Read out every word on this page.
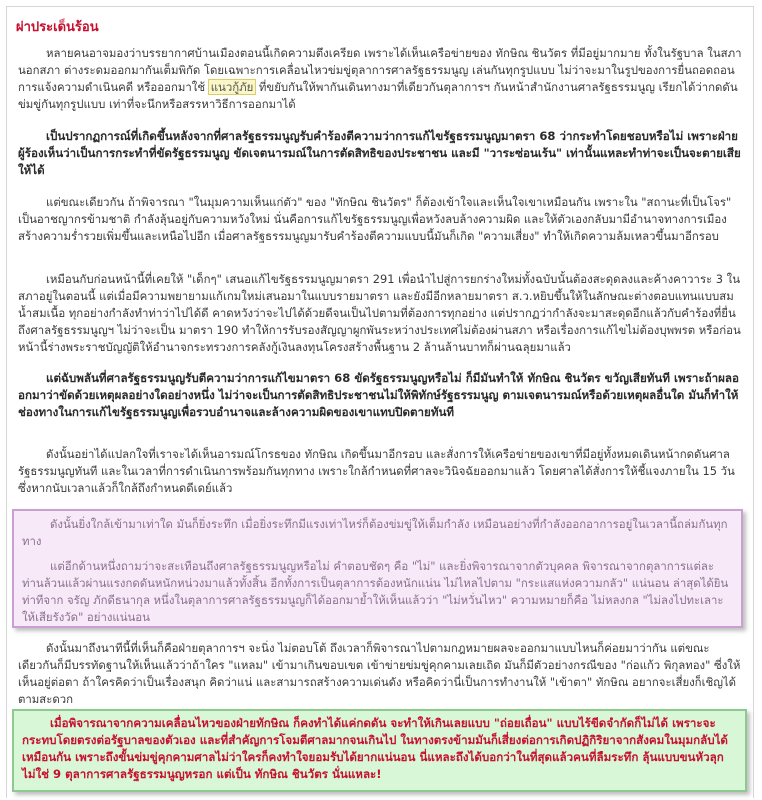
ผ่าประเด็นร้อน

หลายคนอาจมองว่าบรรยากาศบ้านเมืองตอนนี้เกิดความตึงเครียด เพราะได้เห็นเครือข่ายของ ทักษิณ ชินวัตร ที่มีอยู่มากมาย ทั้งในรัฐบาล ในสภา นอกสภา ต่างระดมออกมากันเต็มพิกัด โดยเฉพาะการเคลื่อนไหวข่มขู่ตุลาการศาลรัฐธรรมนูญ เล่นกันทุกรูปแบบ ไม่ว่าจะมาในรูปของการยื่นถอดถอน การแจ้งความดำเนินคดี หรือออกมาใช้ แนวกู้ภัย ที่ขยับกันให้พากันเดินทางมาที่เดียวกันตุลาการฯ กันหน้าสำนักงานศาลรัฐธรรมนูญ เรียกได้ว่ากดดันข่มขู่กันทุกรูปแบบ เท่าที่จะนึกหรือสรรหาวิธีการออกมาได้

เป็นปรากฏการณ์ที่เกิดขึ้นหลังจากที่ศาลรัฐธรรมนูญรับคำร้องตีความว่าการแก้ไขรัฐธรรมนูญมาตรา 68 ว่ากระทำโดยชอบหรือไม่ เพราะฝ่ายผู้ร้องเห็นว่าเป็นการกระทำที่ขัดรัฐธรรมนูญ ขัดเจตนารมณ์ในการตัดสิทธิของประชาชน และมี "วาระซ่อนเร้น" เท่านั้นแหละทำท่าจะเป็นจะตายเสียให้ได้

แต่ขณะเดียวกัน ถ้าพิจารณา "ในมุมความเห็นแก่ตัว" ของ "ทักษิณ ชินวัตร" ก็ต้องเข้าใจและเห็นใจเขาเหมือนกัน เพราะใน "สถานะที่เป็นโจร" เป็นอาชญากรข้ามชาติ กำลังลุ้นอยู่กับความหวังใหม่ นั่นคือการแก้ไขรัฐธรรมนูญเพื่อหวังลบล้างความผิด และให้ตัวเองกลับมามีอำนาจทางการเมือง สร้างความร่ำรวยเพิ่มขึ้นและเหนือไปอีก เมื่อศาลรัฐธรรมนูญมารับคำร้องตีความแบบนี้มันก็เกิด "ความเสี่ยง" ทำให้เกิดความล้มเหลวขึ้นมาอีกรอบ

เหมือนกับก่อนหน้านี้ที่เคยให้ "เด็กๆ" เสนอแก้ไขรัฐธรรมนูญมาตรา 291 เพื่อนำไปสู่การยกร่างใหม่ทั้งฉบับนั้นต้องสะดุดลงและค้างคาวาระ 3 ในสภาอยู่ในตอนนี้ แต่เมื่อมีความพยายามแก้เกมใหม่เสนอมาในแบบรายมาตรา และยังมีอีกหลายมาตรา ส.ว.หยิบขึ้นให้ในลักษณะต่างตอบแทนแบบสมน้ำสมเนื้อ ทุกอย่างกำลังทำท่าว่าไปได้ดี คาดหวังว่าจะไปได้ด้วยดีจนเป็นไปตามที่ต้องการทุกอย่าง แต่ปรากฏว่ากำลังจะมาสะดุดอีกแล้วกับคำร้องที่ยื่นถึงศาลรัฐธรรมนูญฯ ไม่ว่าจะเป็น มาตรา 190 ทำให้การรับรองสัญญาผูกพันระหว่างประเทศไม่ต้องผ่านสภา หรือเรื่องการแก้ไขไม่ต้องบุพพรต หรือก่อนหน้านี้ร่างพระราชบัญญัติให้อำนาจกระทรวงการคลังกู้เงินลงทุนโครงสร้างพื้นฐาน 2 ล้านล้านบาทก็ผ่านฉลุยมาแล้ว

แต่ฉับพลันที่ศาลรัฐธรรมนูญรับตีความว่าการแก้ไขมาตรา 68 ขัดรัฐธรรมนูญหรือไม่ ก็มีมันทำให้ ทักษิณ ชินวัตร ขวัญเสียทันที เพราะถ้าผลออกมาว่าขัดด้วยเหตุผลอย่างใดอย่างหนึ่ง ไม่ว่าจะเป็นการตัดสิทธิประชาชนไม่ให้พิทักษ์รัฐธรรมนูญ ตามเจตนารมณ์หรือด้วยเหตุผลอื่นใด มันก็ทำให้ช่องทางในการแก้ไขรัฐธรรมนูญเพื่อรวบอำนาจและล้างความผิดของเขาแทบปิดตายทันที

ดังนั้นอย่าได้แปลกใจที่เราจะได้เห็นอารมณ์โกรธของ ทักษิณ เกิดขึ้นมาอีกรอบ และสั่งการให้เครือข่ายของเขาที่มีอยู่ทั้งหมดเดินหน้ากดดันศาลรัฐธรรมนูญทันที และในเวลาที่การดำเนินการพร้อมกันทุกทาง เพราะใกล้กำหนดที่ศาลจะวินิจฉัยออกมาแล้ว โดยศาลได้สั่งการให้ชี้แจงภายใน 15 วันซึ่งหากนับเวลาแล้วก็ใกล้ถึงกำหนดดีเดย์แล้ว

ดังนั้นยิ่งใกล้เข้ามาเท่าใด มันก็ยิ่งระทึก เมื่อยิ่งระทึกมีแรงเท่าไหร่ก็ต้องข่มขู่ให้เต็มกำลัง เหมือนอย่างที่กำลังออกอาการอยู่ในเวลานี้ถล่มกันทุกทาง

แต่อีกด้านหนึ่งถามว่าจะสะเทือนถึงศาลรัฐธรรมนูญหรือไม่ คำตอบชัดๆ คือ "ไม่" และยิ่งพิจารณาจากตัวบุคคล พิจารณาจากตุลาการแต่ละท่านล้วนแล้วผ่านแรงกดดันหนักหน่วงมาแล้วทั้งสิ้น อีกทั้งการเป็นตุลาการต้องหนักแน่น ไม่ไหลไปตาม "กระแสแห่งความกลัว" แน่นอน ล่าสุดได้ยินท่าทีจาก จรัญ ภักดีธนากุล หนึ่งในตุลาการศาลรัฐธรรมนูญก็ได้ออกมาย้ำให้เห็นแล้วว่า "ไม่หวั่นไหว" ความหมายก็คือ ไม่หลงกล "ไม่ลงไปทะเลาะให้เสียรังวัด" อย่างแน่นอน

ดังนั้นมาถึงนาทีนี้ที่เห็นก็คือฝ่ายตุลาการฯ จะนิ่ง ไม่ตอบโต้ ถึงเวลาก็พิจารณาไปตามกฎหมายผลจะออกมาแบบไหนก็ค่อยมาว่ากัน แต่ขณะเดียวกันก็มีบรรทัดฐานให้เห็นแล้วว่าถ้าใคร "แหลม" เข้ามาเกินขอบเขต เข้าข่ายข่มขู่คุกคามเลยเถิด มันก็มีตัวอย่างกรณีของ "ก่อแก้ว พิกุลทอง" ซี่งให้เห็นอยู่ต่อตา ถ้าใครคิดว่าเป็นเรื่องสนุก คิดว่าแน่ และสามารถสร้างความเด่นดัง หรือคิดว่านี่เป็นการทำงานให้ "เข้าตา" ทักษิณ อยากจะเสี่ยงก็เชิญได้ตามสะดวก

เมื่อพิจารณาจากความเคลื่อนไหวของฝ่ายทักษิณ ก็คงทำได้แค่กดดัน จะทำให้เกินเลยแบบ "ถ่อยเถื่อน" แบบไร้ขีดจำกัดก็ไม่ได้ เพราะจะกระทบโดยตรงต่อรัฐบาลของตัวเอง และที่สำคัญการโจมตีศาลมากจนเกินไป ในทางตรงข้ามมันก็เสี่ยงต่อการเกิดปฏิกิริยาจากสังคมในมุมกลับได้เหมือนกัน เพราะถึงขั้นข่มขู่คุกคามศาลไม่ว่าใครก็คงทำใจยอมรับได้ยากแน่นอน นี่แหละถึงได้บอกว่าในที่สุดแล้วคนที่ลืมระทึก ลุ้นแบบขนหัวลุกไม่ใช่ 9 ตุลาการศาลรัฐธรรมนูญหรอก แต่เป็น ทักษิณ ชินวัตร นั่นแหละ!
